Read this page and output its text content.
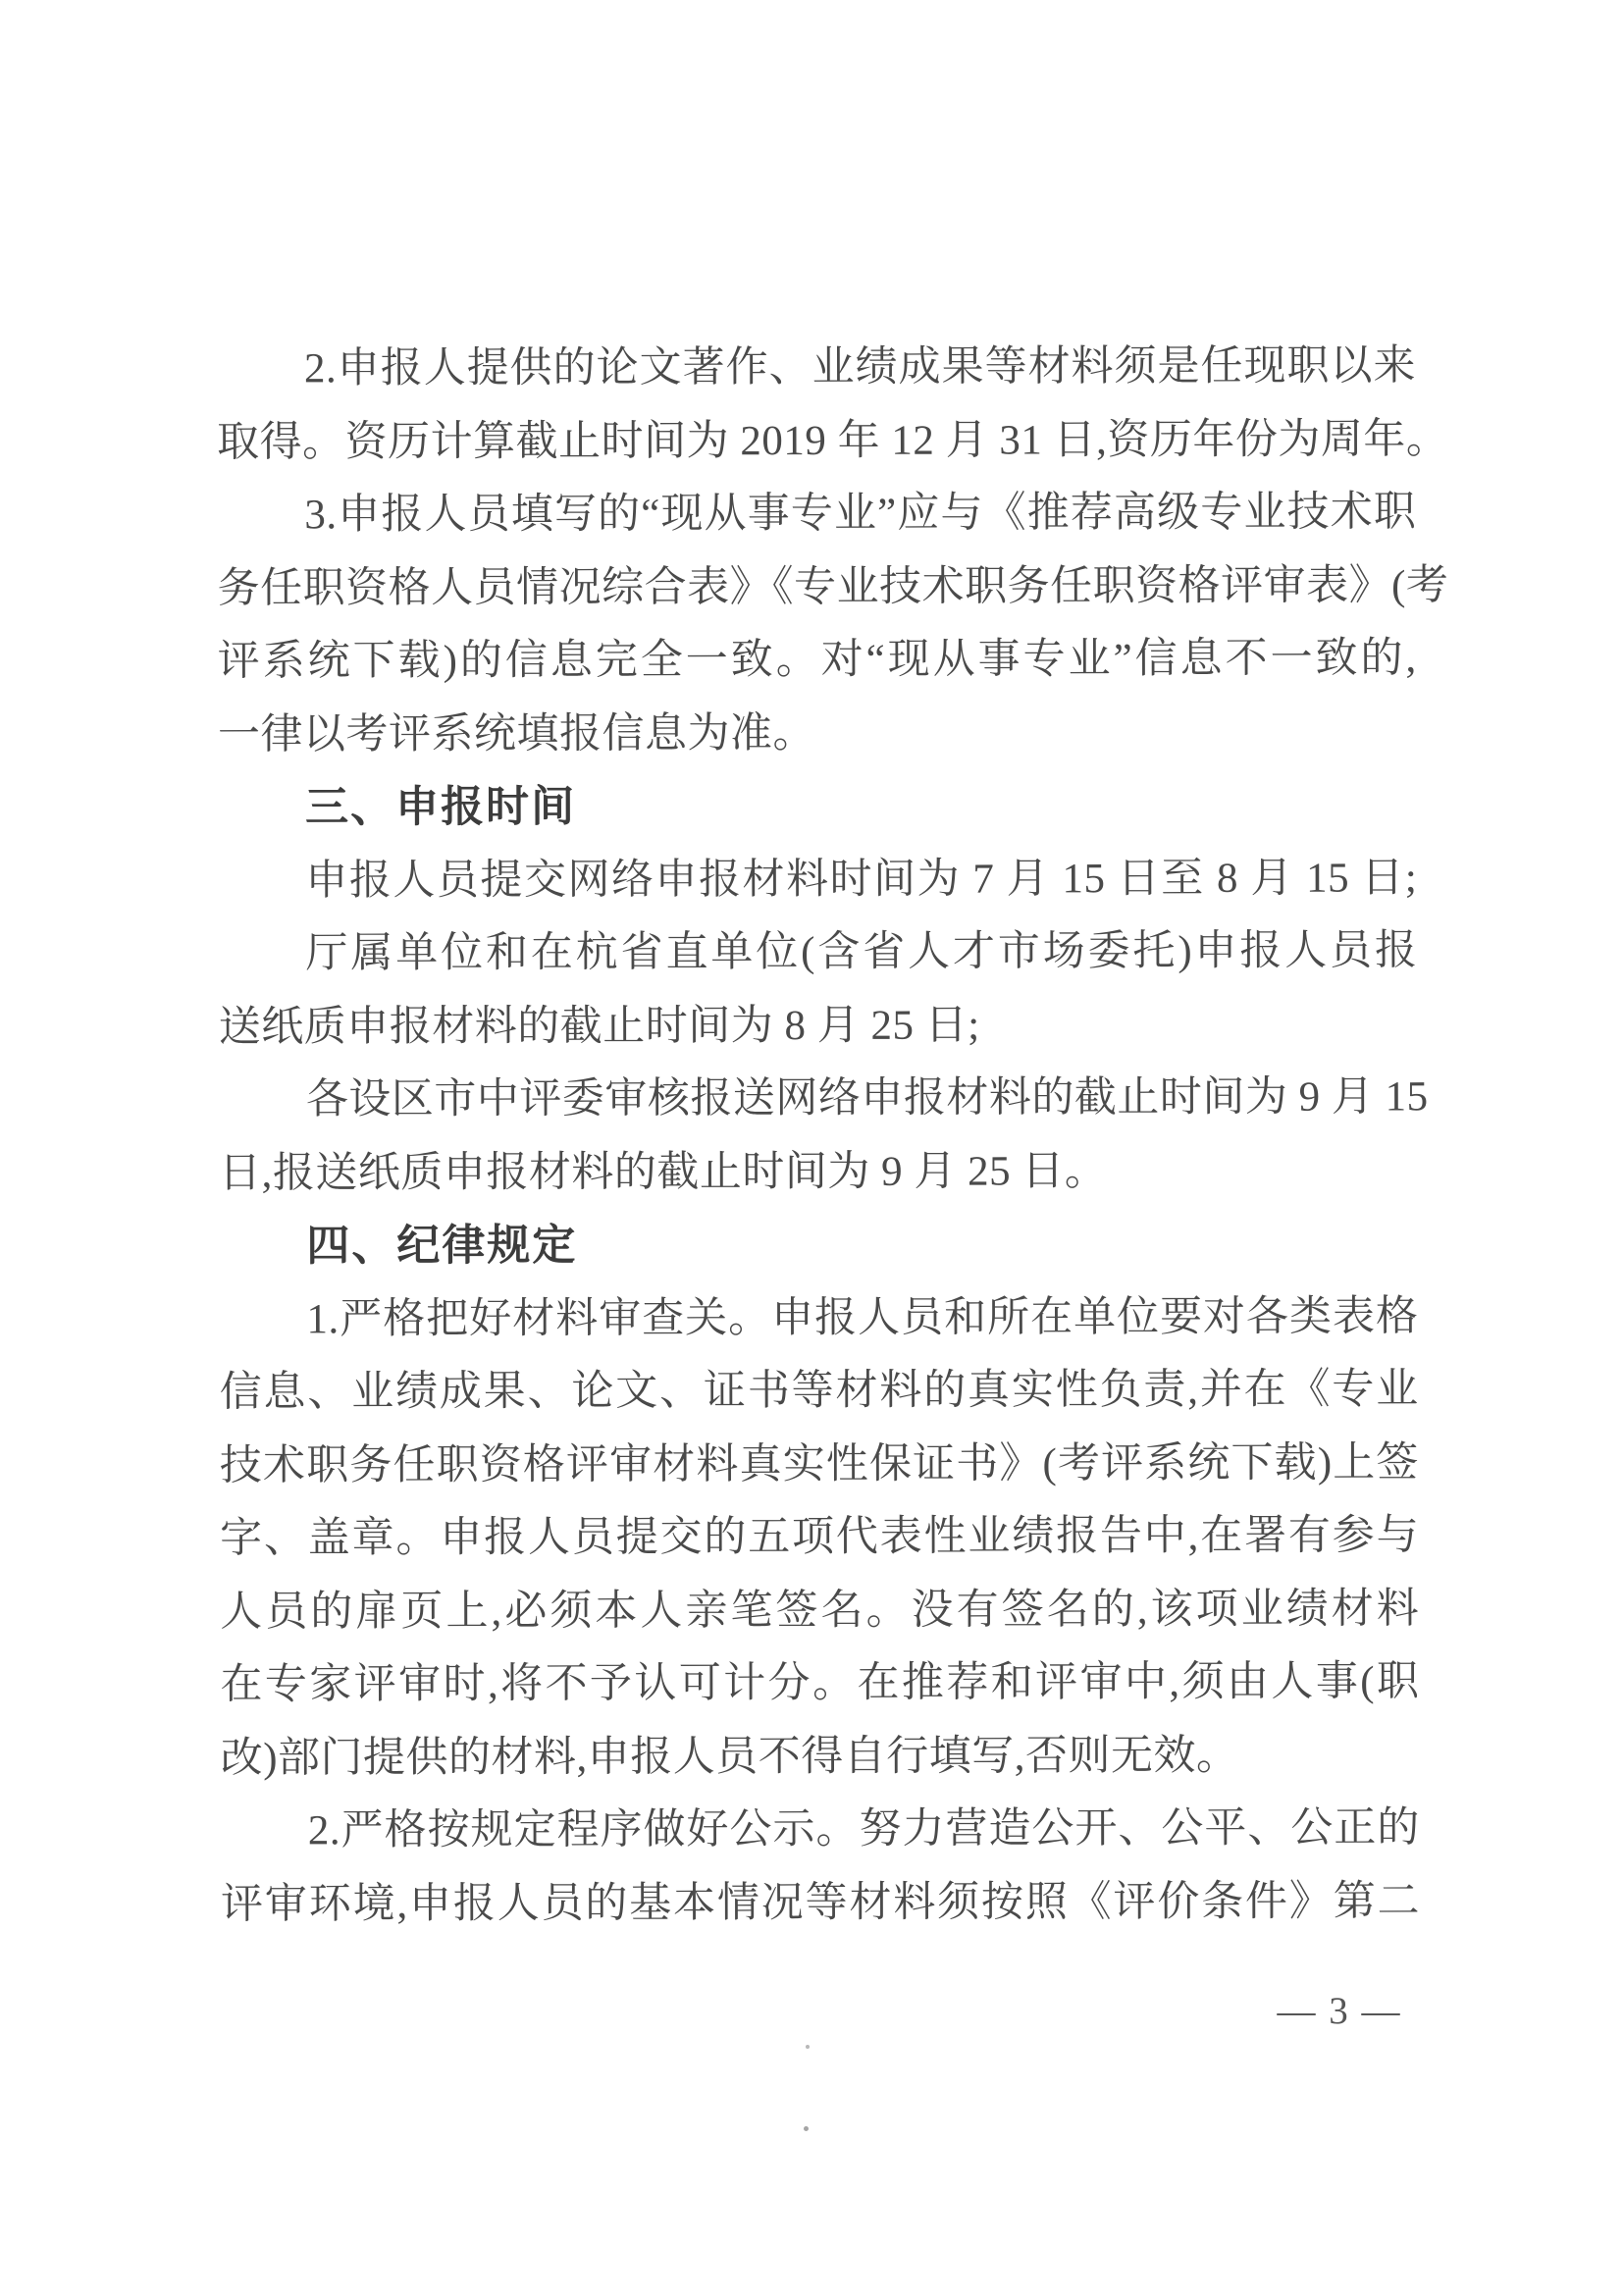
2.申报人提供的论文著作、业绩成果等材料须是任现职以来
取得。资历计算截止时间为 2019 年 12 月 31 日,资历年份为周年。
3.申报人员填写的“现从事专业”应与《推荐高级专业技术职
务任职资格人员情况综合表》《专业技术职务任职资格评审表》(考
评系统下载)的信息完全一致。对“现从事专业”信息不一致的,
一律以考评系统填报信息为准。
三、申报时间
申报人员提交网络申报材料时间为 7 月 15 日至 8 月 15 日;
厅属单位和在杭省直单位(含省人才市场委托)申报人员报
送纸质申报材料的截止时间为 8 月 25 日;
各设区市中评委审核报送网络申报材料的截止时间为 9 月 15
日,报送纸质申报材料的截止时间为 9 月 25 日。
四、纪律规定
1.严格把好材料审查关。申报人员和所在单位要对各类表格
信息、业绩成果、论文、证书等材料的真实性负责,并在《专业
技术职务任职资格评审材料真实性保证书》(考评系统下载)上签
字、盖章。申报人员提交的五项代表性业绩报告中,在署有参与
人员的扉页上,必须本人亲笔签名。没有签名的,该项业绩材料
在专家评审时,将不予认可计分。在推荐和评审中,须由人事(职
改)部门提供的材料,申报人员不得自行填写,否则无效。
2.严格按规定程序做好公示。努力营造公开、公平、公正的
评审环境,申报人员的基本情况等材料须按照《评价条件》第二
— 3 —
